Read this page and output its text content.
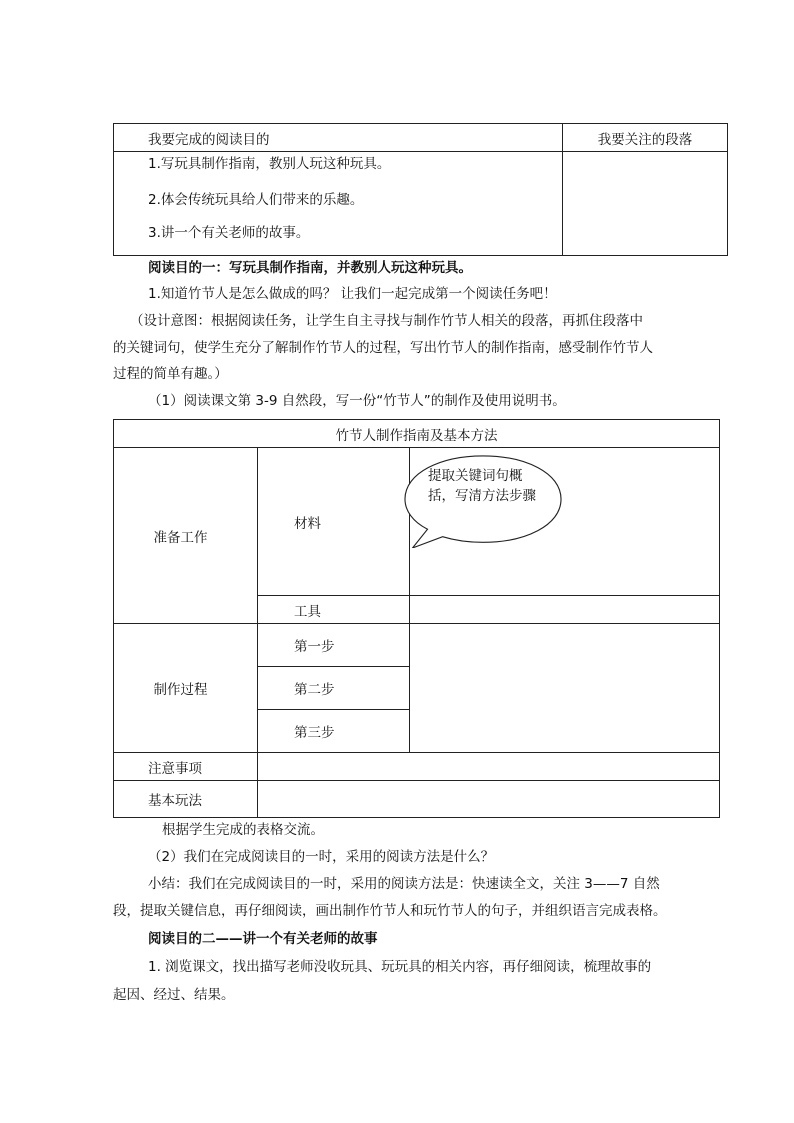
我要完成的阅读目的	我要关注的段落

1.写玩具制作指南，教别人玩这种玩具。
2.体会传统玩具给人们带来的乐趣。
3.讲一个有关老师的故事。	

阅读目的一：写玩具制作指南，并教别人玩这种玩具。
1.知道竹节人是怎么做成的吗？ 让我们一起完成第一个阅读任务吧！
（设计意图：根据阅读任务，让学生自主寻找与制作竹节人相关的段落，再抓住段落中
的关键词句，使学生充分了解制作竹节人的过程，写出竹节人的制作指南，感受制作竹节人
过程的简单有趣。）
（1）阅读课文第 3-9 自然段，写一份“竹节人”的制作及使用说明书。
竹节人制作指南及基本方法		
准备工作	材料	
	工具	
制作过程	第一步	
	第二步	
	第三步	
注意事项		
基本玩法		
提取关键词句概括，写清方法步骤
根据学生完成的表格交流。
（2）我们在完成阅读目的一时，采用的阅读方法是什么？
小结：我们在完成阅读目的一时，采用的阅读方法是：快速读全文，关注 3——7 自然
段，提取关键信息，再仔细阅读，画出制作竹节人和玩竹节人的句子，并组织语言完成表格。
阅读目的二——讲一个有关老师的故事
1. 浏览课文，找出描写老师没收玩具、玩玩具的相关内容，再仔细阅读，梳理故事的
起因、经过、结果。
